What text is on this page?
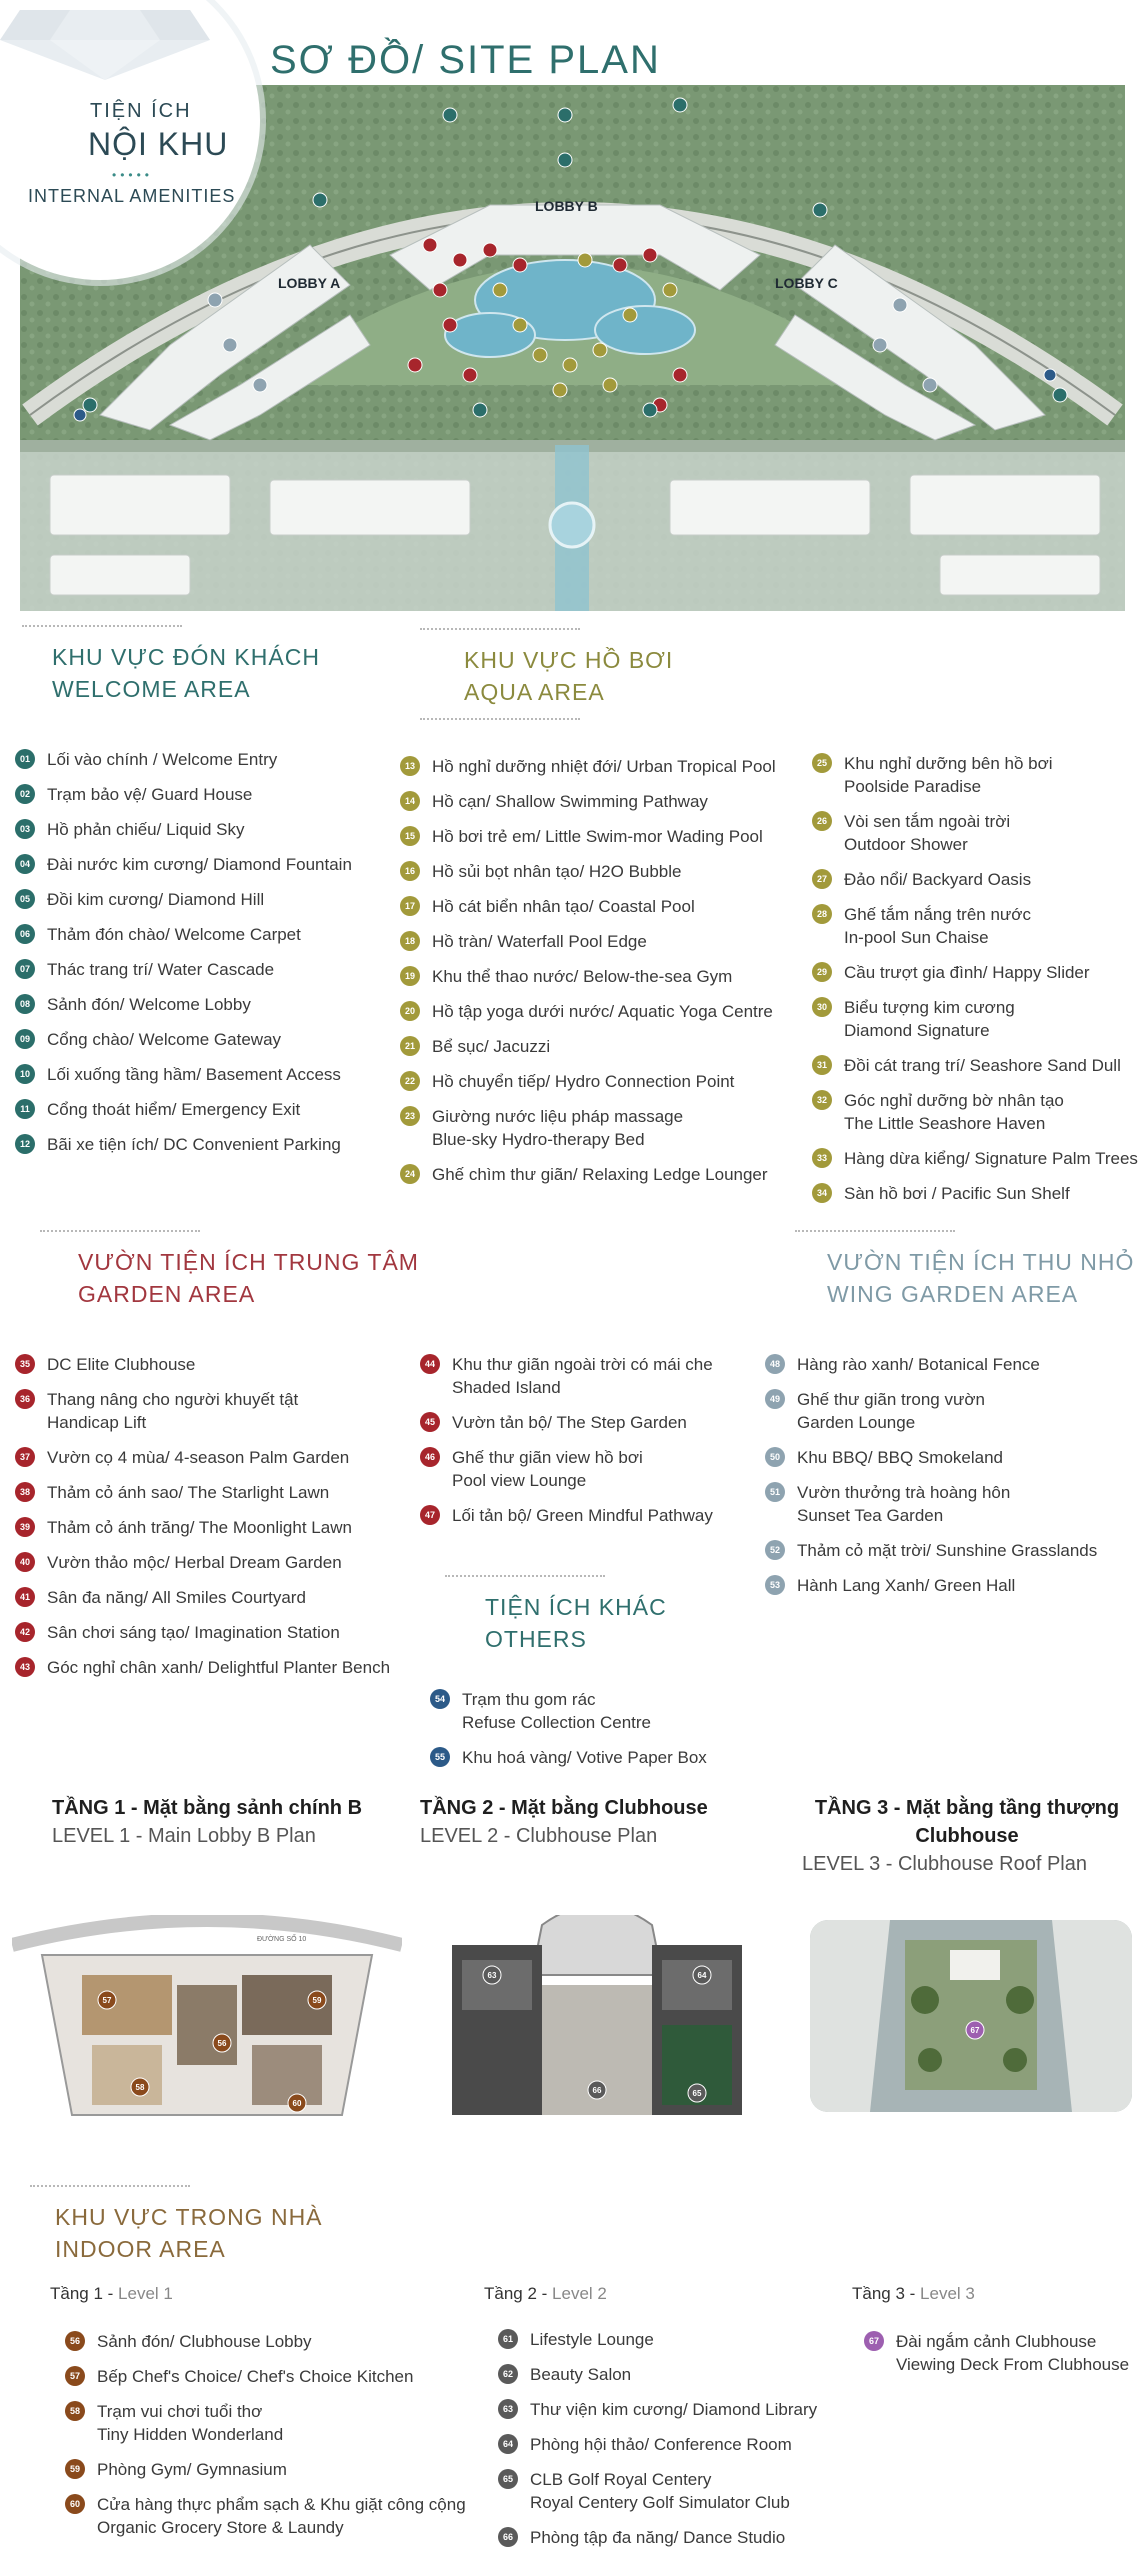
TIỆN ÍCH
NỘI KHU
•••••
INTERNAL AMENITIES
SƠ ĐỒ/ SITE PLAN
LOBBY A
LOBBY B
LOBBY C
KHU VỰC ĐÓN KHÁCH
WELCOME AREA
01 Lối vào chính / Welcome Entry
02 Trạm bảo vệ/ Guard House
03 Hồ phản chiếu/ Liquid Sky
04 Đài nước kim cương/ Diamond Fountain
05 Đồi kim cương/ Diamond Hill
06 Thảm đón chào/ Welcome Carpet
07 Thác trang trí/ Water Cascade
08 Sảnh đón/ Welcome Lobby
09 Cổng chào/ Welcome Gateway
10 Lối xuống tầng hầm/ Basement Access
11	Cổng thoát hiểm/ Emergency Exit
12 Bãi xe tiện ích/ DC Convenient Parking
KHU VỰC HỒ BƠI
AQUA AREA
13 Hồ nghỉ dưỡng nhiệt đới/ Urban Tropical Pool
14 Hồ cạn/ Shallow Swimming Pathway
15 Hồ bơi trẻ em/ Little Swim-mor Wading Pool
16 Hồ sủi bọt nhân tạo/ H2O Bubble
17 Hồ cát biển nhân tạo/ Coastal Pool
18 Hồ tràn/ Waterfall Pool Edge
19 Khu thể thao nước/ Below-the-sea Gym
20 Hồ tập yoga dưới nước/ Aquatic Yoga Centre
21 Bể sục/ Jacuzzi
22 Hồ chuyển tiếp/ Hydro Connection Point
23 Giường nước liệu pháp massage
Blue-sky Hydro-therapy Bed
24 Ghế chìm thư giãn/ Relaxing Ledge Lounger
25 Khu nghỉ dưỡng bên hồ bơi
Poolside Paradise
26 Vòi sen tắm ngoài trời
Outdoor Shower
27 Đảo nổi/ Backyard Oasis
28 Ghế tắm nắng trên nước
In-pool Sun Chaise
29 Cầu trượt gia đình/ Happy Slider
30 Biểu tượng kim cương
Diamond Signature
31 Đồi cát trang trí/ Seashore Sand Dull
32 Góc nghỉ dưỡng bờ nhân tạo
The Little Seashore Haven
33 Hàng dừa kiểng/ Signature Palm Trees
34 Sàn hồ bơi / Pacific Sun Shelf
VƯỜN TIỆN ÍCH TRUNG TÂM
GARDEN AREA
35 DC Elite Clubhouse
36 Thang nâng cho người khuyết tật
Handicap Lift
37 Vườn cọ 4 mùa/ 4-season Palm Garden
38 Thảm cỏ ánh sao/ The Starlight Lawn
39 Thảm cỏ ánh trăng/ The Moonlight Lawn
40 Vườn thảo mộc/ Herbal Dream Garden
41 Sân đa năng/ All Smiles Courtyard
42 Sân chơi sáng tạo/ Imagination Station
43 Góc nghỉ chân xanh/ Delightful Planter Bench
44 Khu thư giãn ngoài trời có mái che
Shaded Island
45 Vườn tản bộ/ The Step Garden
46 Ghế thư giãn view hồ bơi
Pool view Lounge
47 Lối tản bộ/ Green Mindful Pathway
VƯỜN TIỆN ÍCH THU NHỎ
WING GARDEN AREA
48 Hàng rào xanh/ Botanical Fence
49 Ghế thư giãn trong vườn
Garden Lounge
50 Khu BBQ/ BBQ Smokeland
51 Vườn thưởng trà hoàng hôn
Sunset Tea Garden
52 Thảm cỏ mặt trời/ Sunshine Grasslands
53 Hành Lang Xanh/ Green Hall
TIỆN ÍCH KHÁC
OTHERS
54 Trạm thu gom rác
Refuse Collection Centre
55 Khu hoá vàng/ Votive Paper Box
TẦNG 1 - Mặt bằng sảnh chính B
LEVEL 1 - Main Lobby B Plan
TẦNG 2 - Mặt bằng Clubhouse
LEVEL 2 - Clubhouse Plan
TẦNG 3 - Mặt bằng tầng thượng
Clubhouse
LEVEL 3 - Clubhouse Roof Plan
57	59
56
58
60
ĐƯỜNG SỐ 10
63	64
66	65
67
KHU VỰC TRONG NHÀ
INDOOR AREA
Tầng 1 - Level 1	Tầng 2 - Level 2	Tầng 3 - Level 3
56 Sảnh đón/ Clubhouse Lobby
57 Bếp Chef's Choice/ Chef's Choice Kitchen
58 Trạm vui chơi tuổi thơ
Tiny Hidden Wonderland
59 Phòng Gym/ Gymnasium
60 Cửa hàng thực phẩm sạch & Khu giặt công cộng
Organic Grocery Store & Laundy
61 Lifestyle Lounge
62 Beauty Salon
63 Thư viện kim cương/ Diamond Library
64 Phòng hội thảo/ Conference Room
65 CLB Golf Royal Centery
Royal Centery Golf Simulator Club
66 Phòng tập đa năng/ Dance Studio
67 Đài ngắm cảnh Clubhouse
Viewing Deck From Clubhouse
